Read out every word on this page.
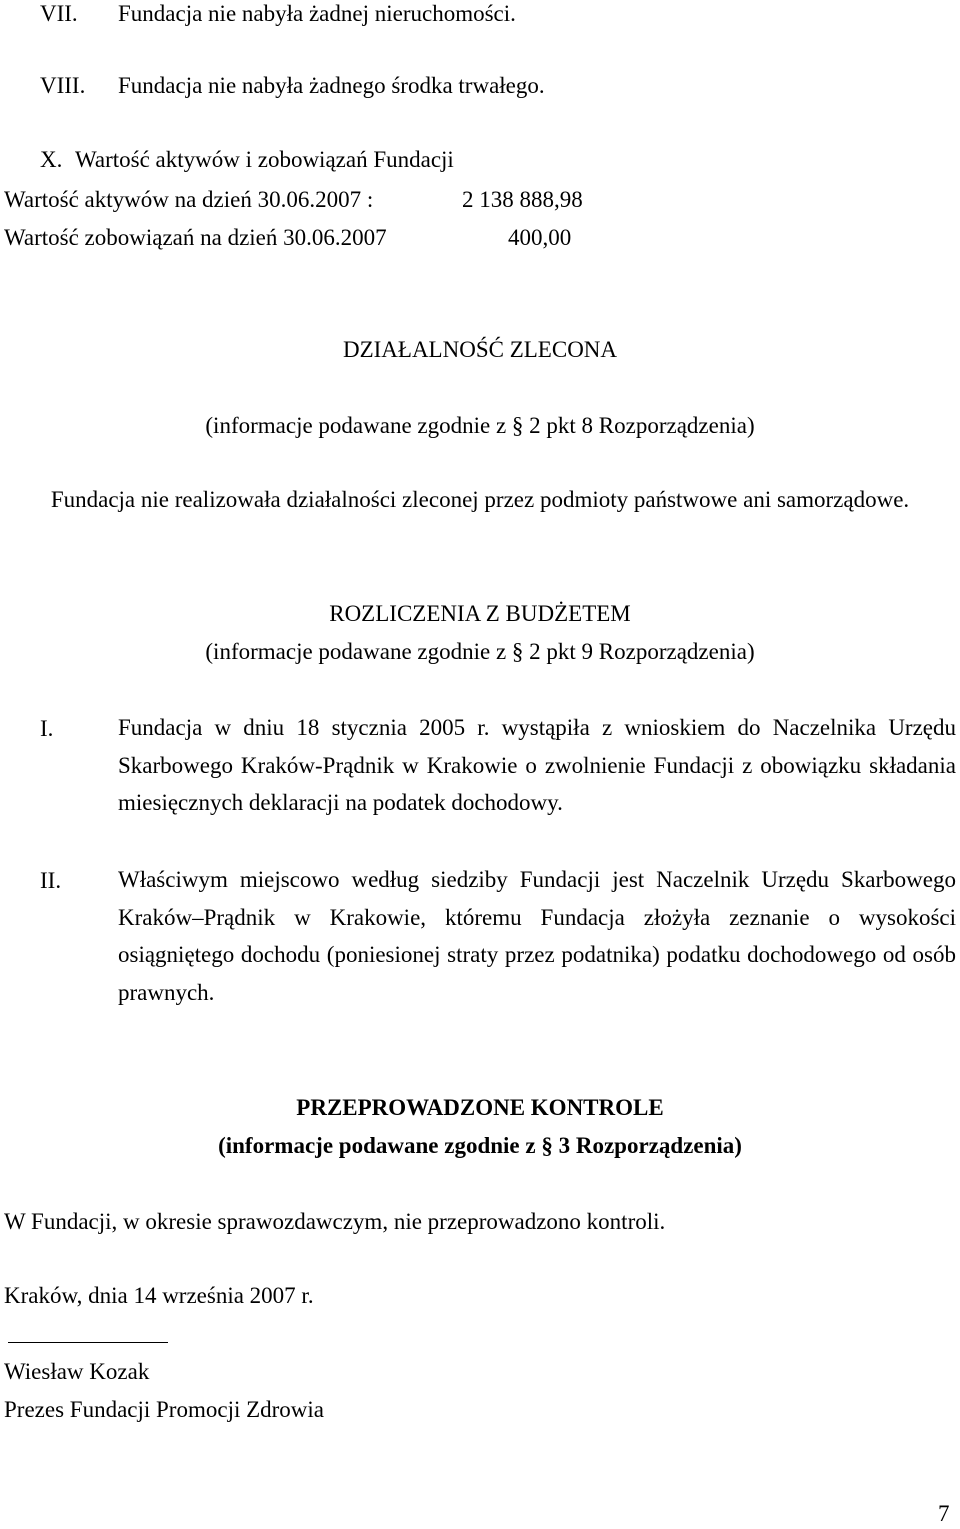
VII. Fundacja nie nabyła żadnej nieruchomości.
VIII. Fundacja nie nabyła żadnego środka trwałego.
X. Wartość aktywów i zobowiązań Fundacji
Wartość aktywów na dzień 30.06.2007 :	2 138 888,98
Wartość zobowiązań na dzień 30.06.2007	400,00
DZIAŁALNOŚĆ ZLECONA
(informacje podawane zgodnie z § 2 pkt 8 Rozporządzenia)
Fundacja nie realizowała działalności zleconej przez podmioty państwowe ani samorządowe.
ROZLICZENIA Z BUDŻETEM
(informacje podawane zgodnie z § 2 pkt 9 Rozporządzenia)
I.	Fundacja w dniu 18 stycznia 2005 r. wystąpiła z wnioskiem do Naczelnika Urzędu Skarbowego Kraków-Prądnik w Krakowie o zwolnienie Fundacji z obowiązku składania miesięcznych deklaracji na podatek dochodowy.
II. Właściwym miejscowo według siedziby Fundacji jest Naczelnik Urzędu Skarbowego Kraków–Prądnik w Krakowie, któremu Fundacja złożyła zeznanie o wysokości osiągniętego dochodu (poniesionej straty przez podatnika) podatku dochodowego od osób prawnych.
PRZEPROWADZONE KONTROLE
(informacje podawane zgodnie z § 3 Rozporządzenia)
W Fundacji, w okresie sprawozdawczym, nie przeprowadzono kontroli.
Kraków, dnia 14 września 2007 r.
Wiesław Kozak
Prezes Fundacji Promocji Zdrowia
7
